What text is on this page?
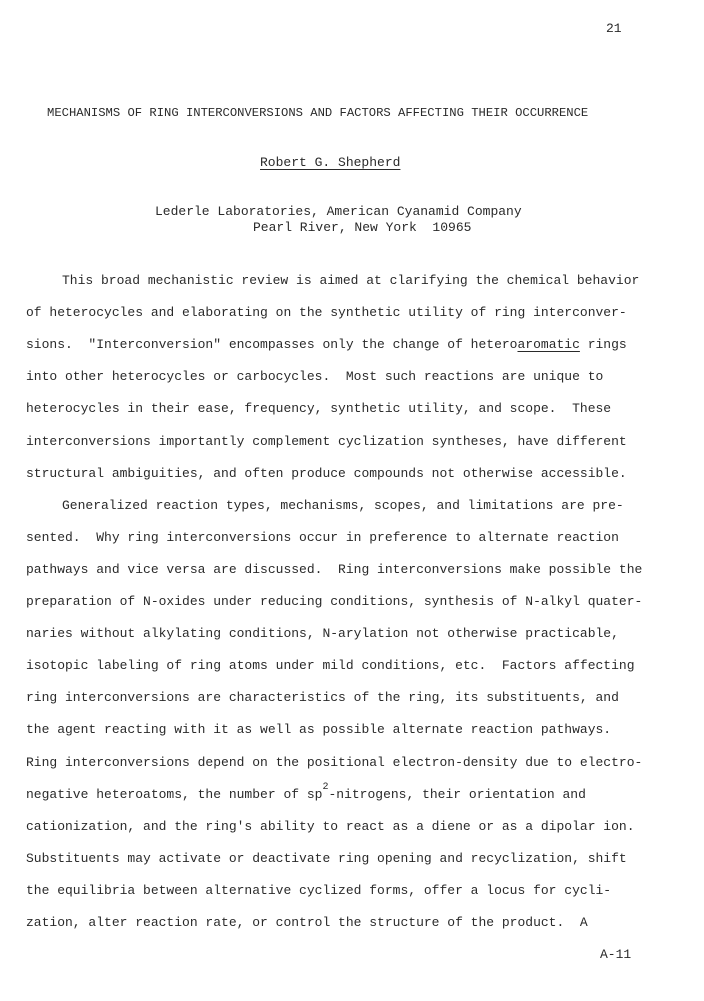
21
MECHANISMS OF RING INTERCONVERSIONS AND FACTORS AFFECTING THEIR OCCURRENCE
Robert G. Shepherd
Lederle Laboratories, American Cyanamid Company
Pearl River, New York  10965
This broad mechanistic review is aimed at clarifying the chemical behavior
of heterocycles and elaborating on the synthetic utility of ring interconver-
sions.  "Interconversion" encompasses only the change of heteroaromatic rings
into other heterocycles or carbocycles.  Most such reactions are unique to
heterocycles in their ease, frequency, synthetic utility, and scope.  These
interconversions importantly complement cyclization syntheses, have different
structural ambiguities, and often produce compounds not otherwise accessible.
Generalized reaction types, mechanisms, scopes, and limitations are pre-
sented.  Why ring interconversions occur in preference to alternate reaction
pathways and vice versa are discussed.  Ring interconversions make possible the
preparation of N-oxides under reducing conditions, synthesis of N-alkyl quater-
naries without alkylating conditions, N-arylation not otherwise practicable,
isotopic labeling of ring atoms under mild conditions, etc.  Factors affecting
ring interconversions are characteristics of the ring, its substituents, and
the agent reacting with it as well as possible alternate reaction pathways.
Ring interconversions depend on the positional electron-density due to electro-
negative heteroatoms, the number of $sp^2$-nitrogens, their orientation and
cationization, and the ring's ability to react as a diene or as a dipolar ion.
Substituents may activate or deactivate ring opening and recyclization, shift
the equilibria between alternative cyclized forms, offer a locus for cycli-
zation, alter reaction rate, or control the structure of the product.  A
A-11
